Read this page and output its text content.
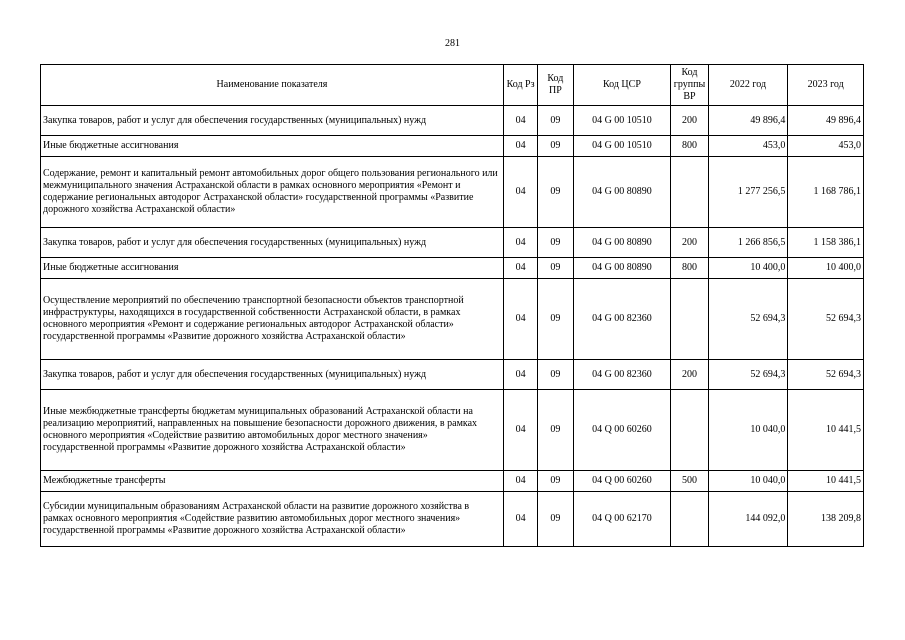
281
Наименование показателя	Код Рз	Код ПР	Код ЦСР	Код группы ВР	2022 год	2023 год
Закупка товаров, работ и услуг для обеспечения государственных (муниципальных) нужд	04	09	04 G 00 10510	200	49 896,4	49 896,4
Иные бюджетные ассигнования	04	09	04 G 00 10510	800	453,0	453,0
Содержание, ремонт и капитальный ремонт автомобильных дорог общего пользования регионального или межмуниципального значения Астраханской области в рамках основного мероприятия «Ремонт и содержание региональных автодорог Астраханской области» государственной программы «Развитие дорожного хозяйства Астраханской области»	04	09	04 G 00 80890		1 277 256,5	1 168 786,1
Закупка товаров, работ и услуг для обеспечения государственных (муниципальных) нужд	04	09	04 G 00 80890	200	1 266 856,5	1 158 386,1
Иные бюджетные ассигнования	04	09	04 G 00 80890	800	10 400,0	10 400,0
Осуществление мероприятий по обеспечению транспортной безопасности объектов транспортной инфраструктуры, находящихся в государственной собственности Астраханской области, в рамках основного мероприятия «Ремонт и содержание региональных автодорог Астраханской области» государственной программы «Развитие дорожного хозяйства Астраханской области»	04	09	04 G 00 82360		52 694,3	52 694,3
Закупка товаров, работ и услуг для обеспечения государственных (муниципальных) нужд	04	09	04 G 00 82360	200	52 694,3	52 694,3
Иные межбюджетные трансферты бюджетам муниципальных образований Астраханской области на реализацию мероприятий, направленных на повышение безопасности дорожного движения, в рамках основного мероприятия «Содействие развитию автомобильных дорог местного значения» государственной программы «Развитие дорожного хозяйства Астраханской области»	04	09	04 Q 00 60260		10 040,0	10 441,5
Межбюджетные трансферты	04	09	04 Q 00 60260	500	10 040,0	10 441,5
Субсидии муниципальным образованиям Астраханской области на развитие дорожного хозяйства в рамках основного мероприятия «Содействие развитию автомобильных дорог местного значения» государственной программы «Развитие дорожного хозяйства Астраханской области»	04	09	04 Q 00 62170		144 092,0	138 209,8
